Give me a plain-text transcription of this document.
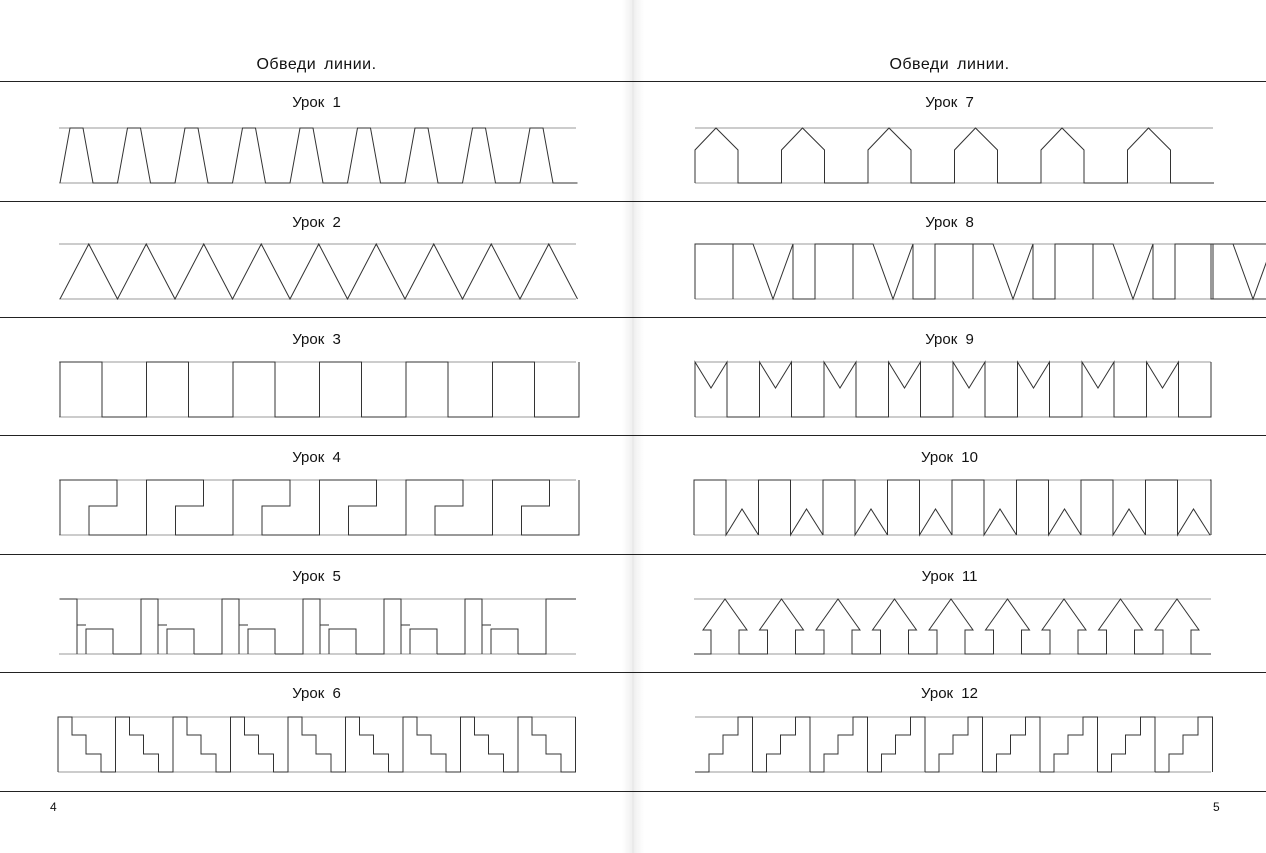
Обведи линии.
Урок 1
Урок 2
Урок 3
Урок 4
Урок 5
Урок 6
4
Обведи линии.
Урок 7
Урок 8
Урок 9
Урок 10
Урок 11
Урок 12
5
